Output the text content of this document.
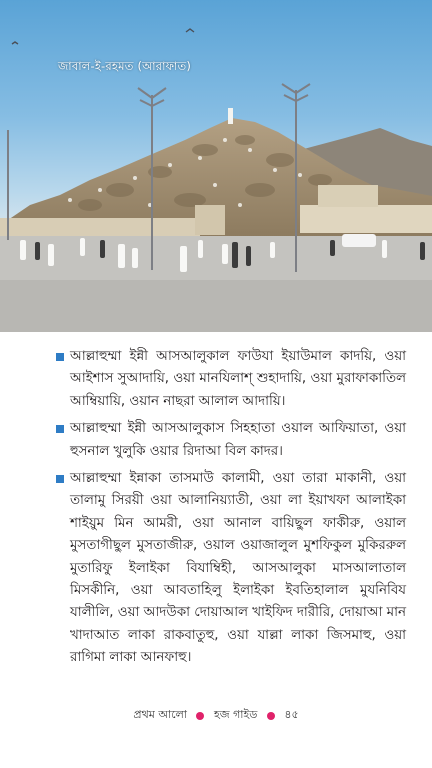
জাবাল-ই-রহমত (আরাফাত)
আল্লাহুম্মা ইন্নী আসআলুকাল ফাউযা ইয়াউমাল কাদয়ি, ওয়া আইশাস সুআদায়ি, ওয়া মানযিলাশ্ শুহাদায়ি, ওয়া মুরাফাকাতিল আম্বিয়ায়ি, ওয়ান নাছরা আলাল আদায়ি।
আল্লাহুম্মা ইন্নী আসআলুকাস সিহহাতা ওয়াল আফিয়াতা, ওয়া হুসনাল খুলুকি ওয়ার রিদাআ বিল কাদর।
আল্লাহুম্মা ইন্নাকা তাসমাউ কালামী, ওয়া তারা মাকানী, ওয়া তালামু সিরয়ী ওয়া আলানিয়্যাতী, ওয়া লা ইয়াখফা আলাইকা শাইয়ুম মিন আমরী, ওয়া আনাল বায়িছুল ফাকীরু, ওয়াল মুসতাগীছুল মুসতাজীরু, ওয়াল ওয়াজালুল মুশফিকুল মুকিররুল মুতারিফু ইলাইকা বিযাম্বিহী, আসআলুকা মাসআলাতাল মিসকীনি, ওয়া আবতাহিলু ইলাইকা ইবতিহালাল মুযনিবিয যালীলি, ওয়া আদউকা দোয়াআল খাইফিদ দারীরি, দোয়াআ মান খাদাআত লাকা রাকবাতুহু, ওয়া যাল্লা লাকা জিসমাহু, ওয়া রাগিমা লাকা আনফাহু।
প্রথম আলো হজ গাইড ৪৫
